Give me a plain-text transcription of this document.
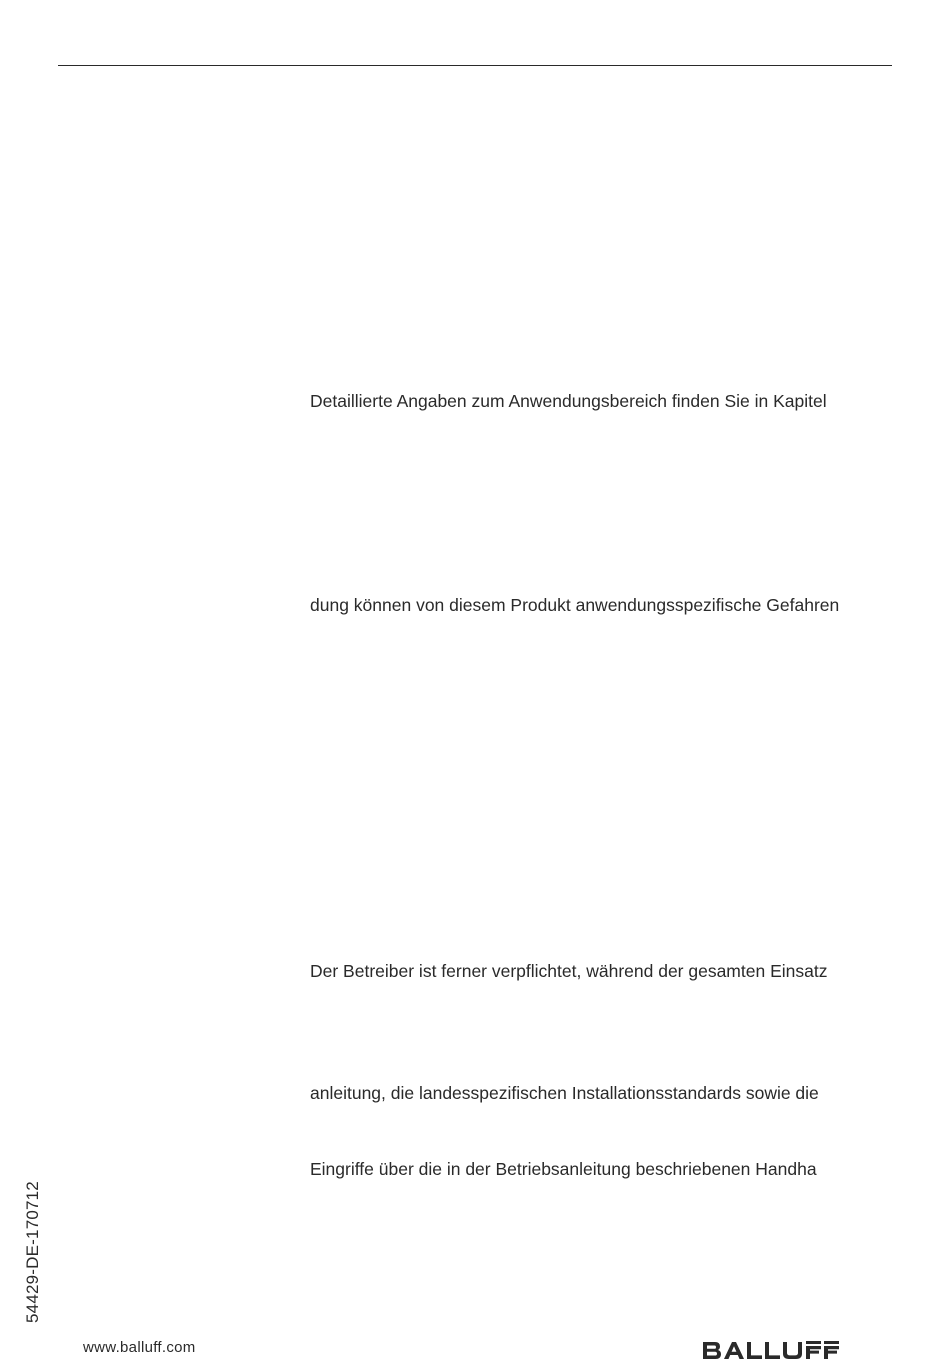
Detaillierte Angaben zum Anwendungsbereich finden Sie in Kapitel
dung können von diesem Produkt anwendungsspezifische Gefahren
Der Betreiber ist ferner verpflichtet, während der gesamten Einsatz
anleitung, die landesspezifischen Installationsstandards sowie die
Eingriffe über die in der Betriebsanleitung beschriebenen Handha
54429-DE-170712
www.balluff.com
